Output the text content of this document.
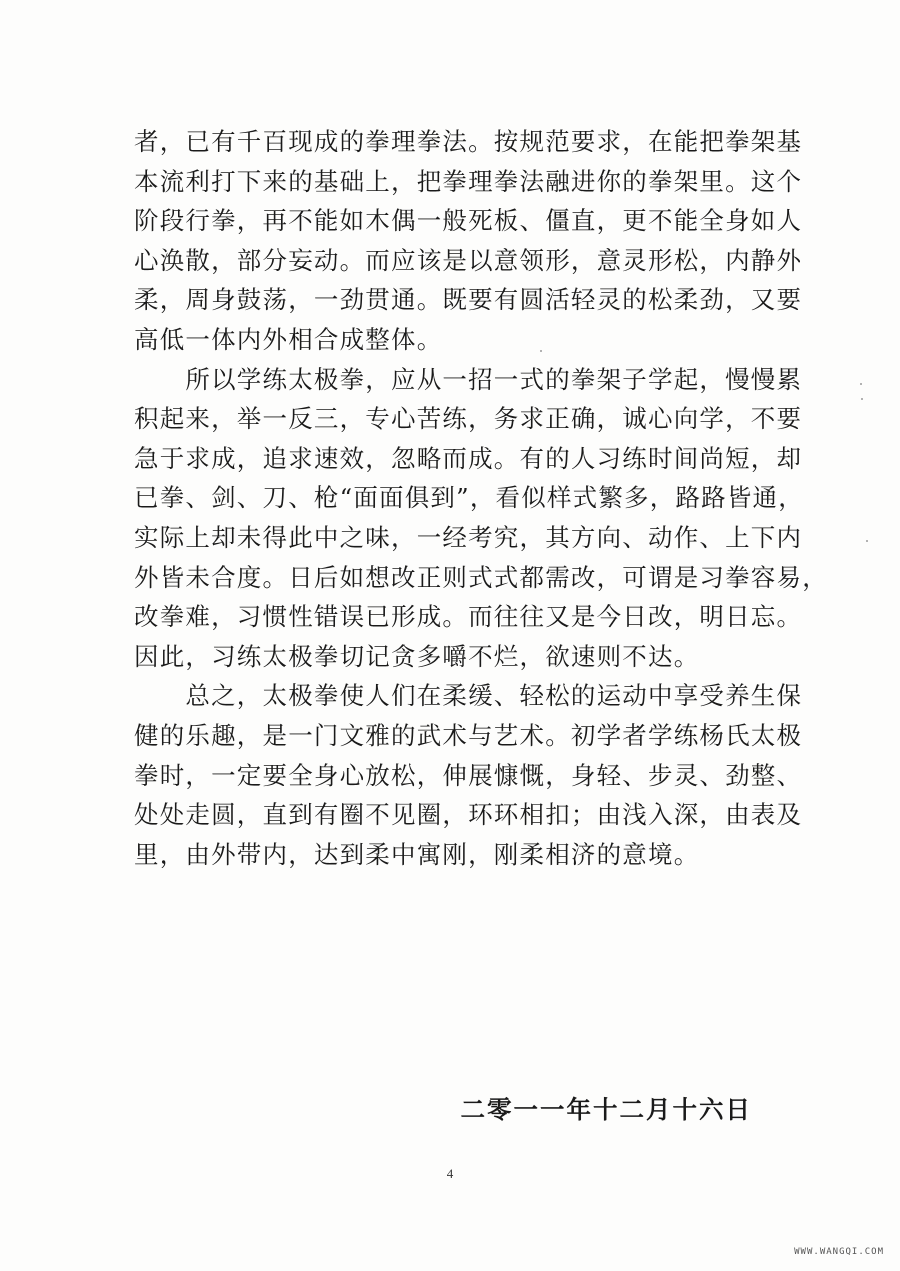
者，已有千百现成的拳理拳法。按规范要求，在能把拳架基
本流利打下来的基础上，把拳理拳法融进你的拳架里。这个
阶段行拳，再不能如木偶一般死板、僵直，更不能全身如人
心涣散，部分妄动。而应该是以意领形，意灵形松，内静外
柔，周身鼓荡，一劲贯通。既要有圆活轻灵的松柔劲，又要
高低一体内外相合成整体。
　　所以学练太极拳，应从一招一式的拳架子学起，慢慢累
积起来，举一反三，专心苦练，务求正确，诚心向学，不要
急于求成，追求速效，忽略而成。有的人习练时间尚短，却
已拳、剑、刀、枪“面面俱到”，看似样式繁多，路路皆通，
实际上却未得此中之味，一经考究，其方向、动作、上下内
外皆未合度。日后如想改正则式式都需改，可谓是习拳容易，
改拳难，习惯性错误已形成。而往往又是今日改，明日忘。
因此，习练太极拳切记贪多嚼不烂，欲速则不达。
　　总之，太极拳使人们在柔缓、轻松的运动中享受养生保
健的乐趣，是一门文雅的武术与艺术。初学者学练杨氏太极
拳时，一定要全身心放松，伸展慷慨，身轻、步灵、劲整、
处处走圆，直到有圈不见圈，环环相扣；由浅入深，由表及
里，由外带内，达到柔中寓刚，刚柔相济的意境。
二零一一年十二月十六日
4
WWW.WANGQI.COM
